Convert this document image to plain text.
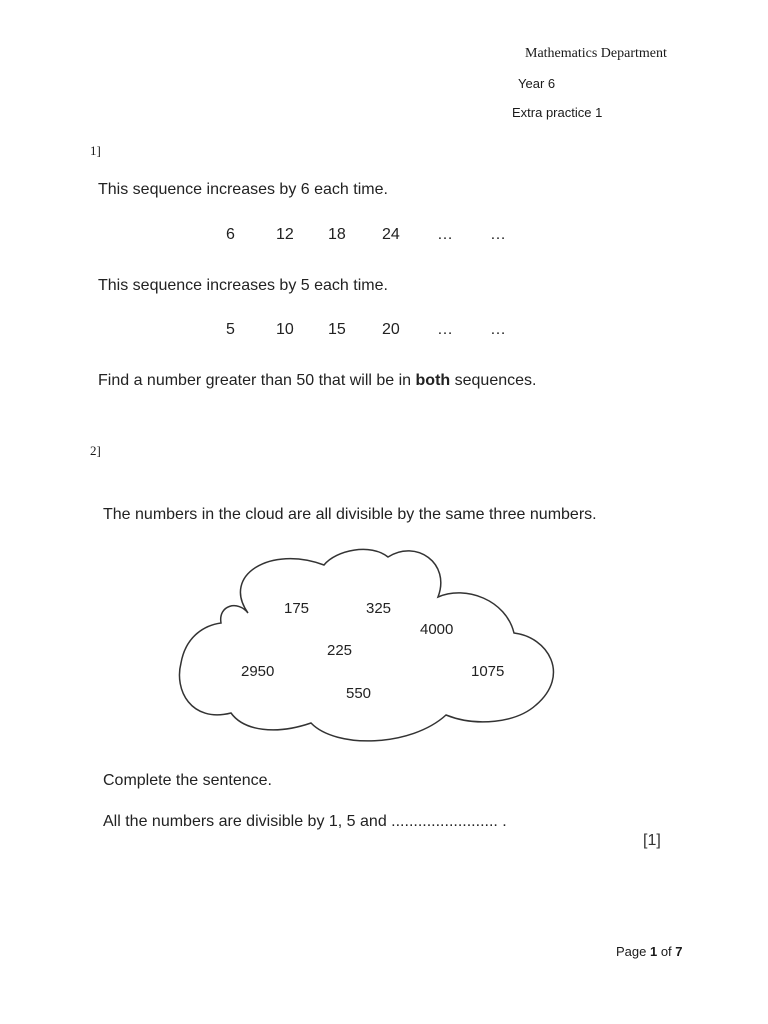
Mathematics Department
Year 6
Extra practice 1
1]
This sequence increases by 6 each time.
6	12 18 24 … …
This sequence increases by 5 each time.
5	10 15 20 … …
Find a number greater than 50 that will be in both sequences.
2]
The numbers in the cloud are all divisible by the same three numbers.
175	325
4000
225
2950	1075
550
Complete the sentence.
All the numbers are divisible by 1, 5 and ........................ .
[1]
Page 1 of 7
